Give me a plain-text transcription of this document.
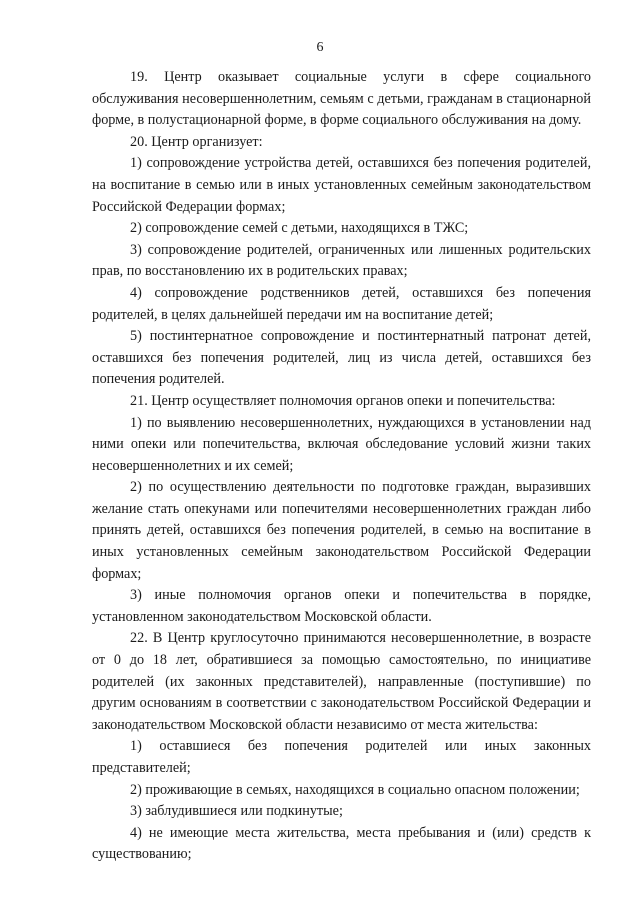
6

19. Центр оказывает социальные услуги в сфере социального обслуживания несовершеннолетним, семьям с детьми, гражданам в стационарной форме, в полустационарной форме, в форме социального обслуживания на дому.

20. Центр организует:

1) сопровождение устройства детей, оставшихся без попечения родителей, на воспитание в семью или в иных установленных семейным законодательством Российской Федерации формах;

2) сопровождение семей с детьми, находящихся в ТЖС;

3) сопровождение родителей, ограниченных или лишенных родительских прав, по восстановлению их в родительских правах;

4) сопровождение родственников детей, оставшихся без попечения родителей, в целях дальнейшей передачи им на воспитание детей;

5) постинтернатное сопровождение и постинтернатный патронат детей, оставшихся без попечения родителей, лиц из числа детей, оставшихся без попечения родителей.

21. Центр осуществляет полномочия органов опеки и попечительства:

1) по выявлению несовершеннолетних, нуждающихся в установлении над ними опеки или попечительства, включая обследование условий жизни таких несовершеннолетних и их семей;

2) по осуществлению деятельности по подготовке граждан, выразивших желание стать опекунами или попечителями несовершеннолетних граждан либо принять детей, оставшихся без попечения родителей, в семью на воспитание в иных установленных семейным законодательством Российской Федерации формах;

3) иные полномочия органов опеки и попечительства в порядке, установленном законодательством Московской области.

22. В Центр круглосуточно принимаются несовершеннолетние, в возрасте от 0 до 18 лет, обратившиеся за помощью самостоятельно, по инициативе родителей (их законных представителей), направленные (поступившие) по другим основаниям в соответствии с законодательством Российской Федерации и законодательством Московской области независимо от места жительства:

1) оставшиеся без попечения родителей или иных законных представителей;

2) проживающие в семьях, находящихся в социально опасном положении;

3) заблудившиеся или подкинутые;

4) не имеющие места жительства, места пребывания и (или) средств к существованию;
